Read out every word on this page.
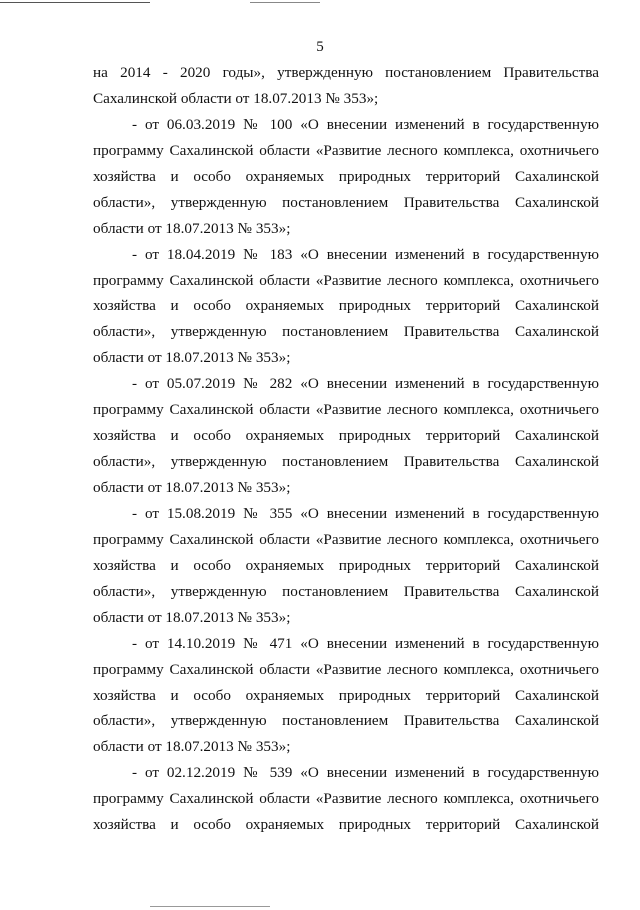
5
на 2014 - 2020 годы», утвержденную постановлением Правительства
Сахалинской области от 18.07.2013 № 353»;
- от 06.03.2019 № 100 «О внесении изменений в государственную
программу Сахалинской области «Развитие лесного комплекса, охотничьего
хозяйства и особо охраняемых природных территорий Сахалинской
области», утвержденную постановлением Правительства Сахалинской
области от 18.07.2013 № 353»;
- от 18.04.2019 № 183 «О внесении изменений в государственную
программу Сахалинской области «Развитие лесного комплекса, охотничьего
хозяйства и особо охраняемых природных территорий Сахалинской
области», утвержденную постановлением Правительства Сахалинской
области от 18.07.2013 № 353»;
- от 05.07.2019 № 282 «О внесении изменений в государственную
программу Сахалинской области «Развитие лесного комплекса, охотничьего
хозяйства и особо охраняемых природных территорий Сахалинской
области», утвержденную постановлением Правительства Сахалинской
области от 18.07.2013 № 353»;
- от 15.08.2019 № 355 «О внесении изменений в государственную
программу Сахалинской области «Развитие лесного комплекса, охотничьего
хозяйства и особо охраняемых природных территорий Сахалинской
области», утвержденную постановлением Правительства Сахалинской
области от 18.07.2013 № 353»;
- от 14.10.2019 № 471 «О внесении изменений в государственную
программу Сахалинской области «Развитие лесного комплекса, охотничьего
хозяйства и особо охраняемых природных территорий Сахалинской
области», утвержденную постановлением Правительства Сахалинской
области от 18.07.2013 № 353»;
- от 02.12.2019 № 539 «О внесении изменений в государственную
программу Сахалинской области «Развитие лесного комплекса, охотничьего
хозяйства и особо охраняемых природных территорий Сахалинской
